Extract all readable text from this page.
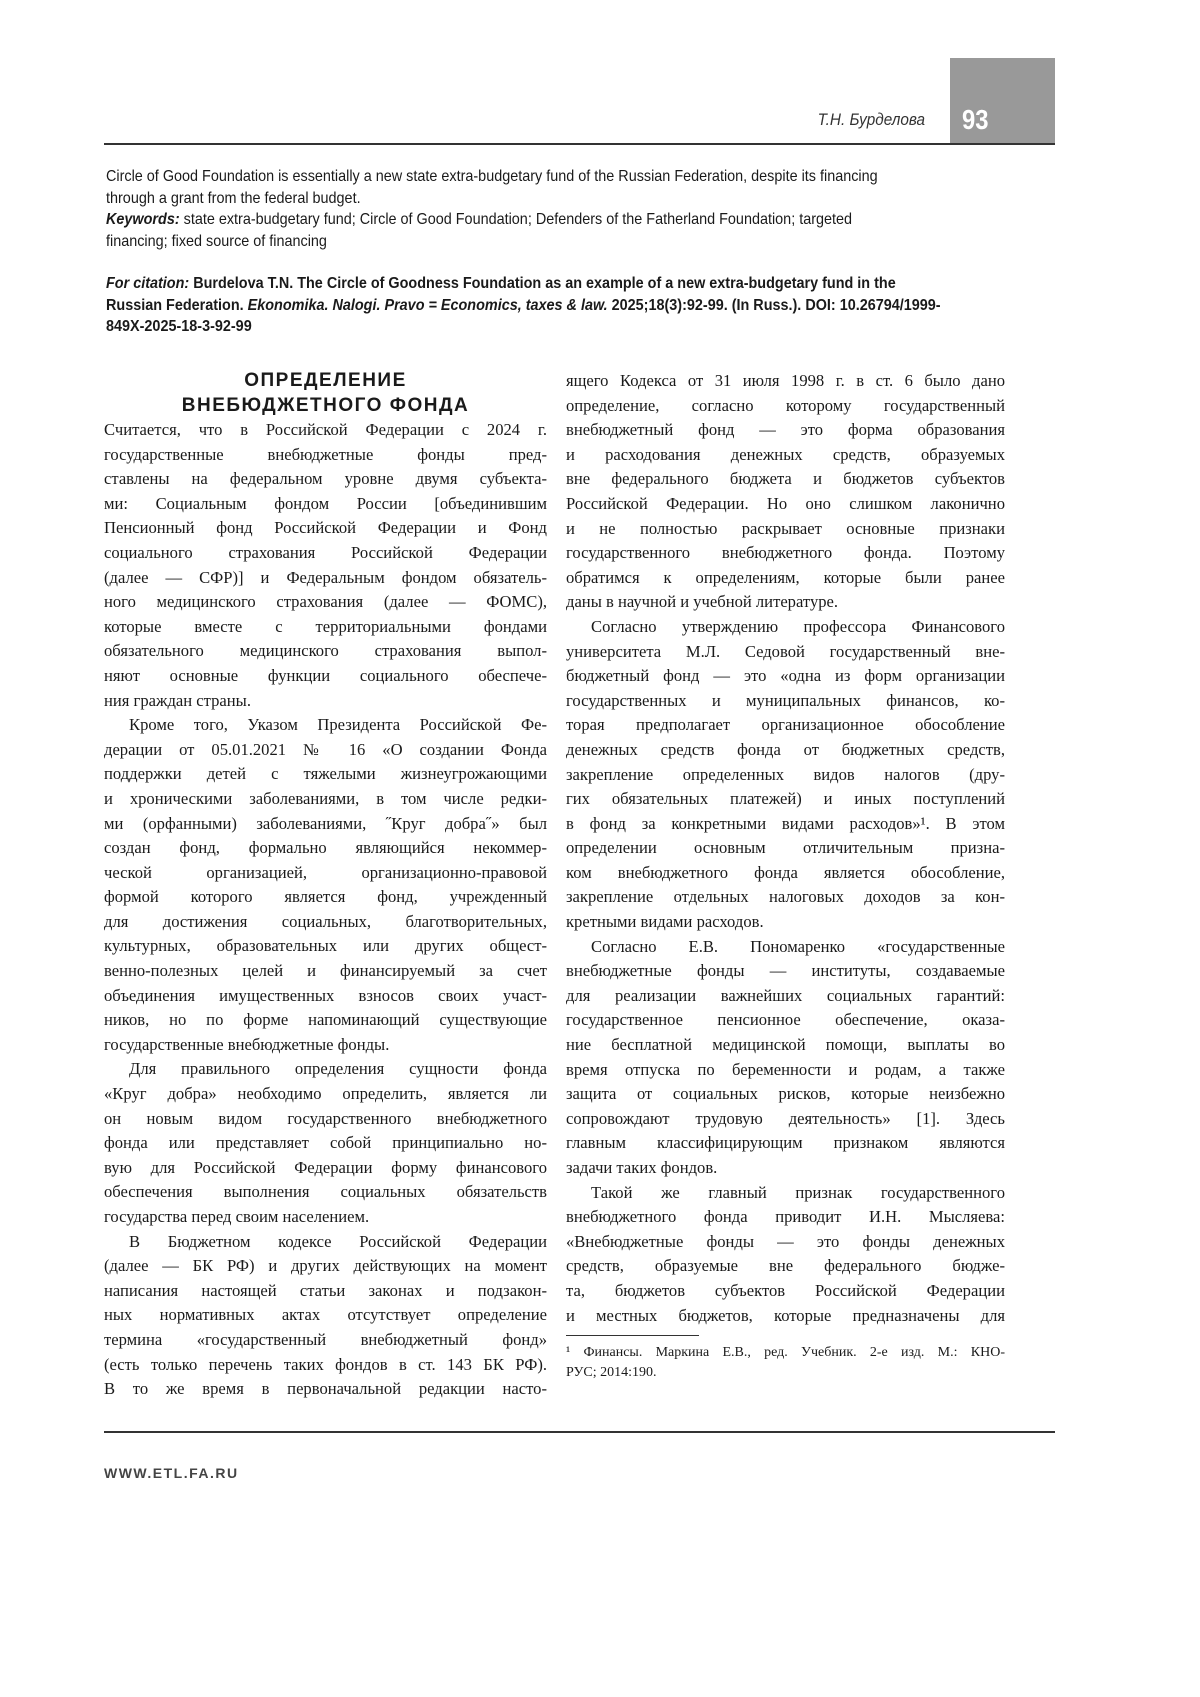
Т.Н. Бурделова 93
Circle of Good Foundation is essentially a new state extra-budgetary fund of the Russian Federation, despite its financing
through a grant from the federal budget.
Keywords: state extra-budgetary fund; Circle of Good Foundation; Defenders of the Fatherland Foundation; targeted
financing; fixed source of financing
For citation: Burdelova T.N. The Circle of Goodness Foundation as an example of a new extra-budgetary fund in the
Russian Federation. Ekonomika. Nalogi. Pravo = Economics, taxes & law. 2025;18(3):92-99. (In Russ.). DOI: 10.26794/1999-
849X-2025-18-3-92-99
ОПРЕДЕЛЕНИЕ
ВНЕБЮДЖЕТНОГО ФОНДА
Считается, что в Российской Федерации с 2024 г.
государственные внебюджетные фонды пред-
ставлены на федеральном уровне двумя субъекта-
ми: Социальным фондом России [объединившим
Пенсионный фонд Российской Федерации и Фонд
социального страхования Российской Федерации
(далее — СФР)] и Федеральным фондом обязатель-
ного медицинского страхования (далее — ФОМС),
которые вместе с территориальными фондами
обязательного медицинского страхования выпол-
няют основные функции социального обеспече-
ния граждан страны.
Кроме того, Указом Президента Российской Фе-
дерации от 05.01.2021 № 16 «О создании Фонда
поддержки детей с тяжелыми жизнеугрожающими
и хроническими заболеваниями, в том числе редки-
ми (орфанными) заболеваниями, ˝Круг добра˝» был
создан фонд, формально являющийся некоммер-
ческой организацией, организационно-правовой
формой которого является фонд, учрежденный
для достижения социальных, благотворительных,
культурных, образовательных или других общест-
венно-полезных целей и финансируемый за счет
объединения имущественных взносов своих участ-
ников, но по форме напоминающий существующие
государственные внебюджетные фонды.
Для правильного определения сущности фонда
«Круг добра» необходимо определить, является ли
он новым видом государственного внебюджетного
фонда или представляет собой принципиально но-
вую для Российской Федерации форму финансового
обеспечения выполнения социальных обязательств
государства перед своим населением.
В Бюджетном кодексе Российской Федерации
(далее — БК РФ) и других действующих на момент
написания настоящей статьи законах и подзакон-
ных нормативных актах отсутствует определение
термина «государственный внебюджетный фонд»
(есть только перечень таких фондов в ст. 143 БК РФ).
В то же время в первоначальной редакции насто-
ящего Кодекса от 31 июля 1998 г. в ст. 6 было дано
определение, согласно которому государственный
внебюджетный фонд — это форма образования
и расходования денежных средств, образуемых
вне федерального бюджета и бюджетов субъектов
Российской Федерации. Но оно слишком лаконично
и не полностью раскрывает основные признаки
государственного внебюджетного фонда. Поэтому
обратимся к определениям, которые были ранее
даны в научной и учебной литературе.
Согласно утверждению профессора Финансового
университета М.Л. Седовой государственный вне-
бюджетный фонд — это «одна из форм организации
государственных и муниципальных финансов, ко-
торая предполагает организационное обособление
денежных средств фонда от бюджетных средств,
закрепление определенных видов налогов (дру-
гих обязательных платежей) и иных поступлений
в фонд за конкретными видами расходов»¹. В этом
определении основным отличительным призна-
ком внебюджетного фонда является обособление,
закрепление отдельных налоговых доходов за кон-
кретными видами расходов.
Согласно Е.В. Пономаренко «государственные
внебюджетные фонды — институты, создаваемые
для реализации важнейших социальных гарантий:
государственное пенсионное обеспечение, оказа-
ние бесплатной медицинской помощи, выплаты во
время отпуска по беременности и родам, а также
защита от социальных рисков, которые неизбежно
сопровождают трудовую деятельность» [1]. Здесь
главным классифицирующим признаком являются
задачи таких фондов.
Такой же главный признак государственного
внебюджетного фонда приводит И.Н. Мысляева:
«Внебюджетные фонды — это фонды денежных
средств, образуемые вне федерального бюдже-
та, бюджетов субъектов Российской Федерации
и местных бюджетов, которые предназначены для
¹ Финансы. Маркина Е.В., ред. Учебник. 2-е изд. М.: КНО-
РУС; 2014:190.
WWW.ETL.FA.RU
